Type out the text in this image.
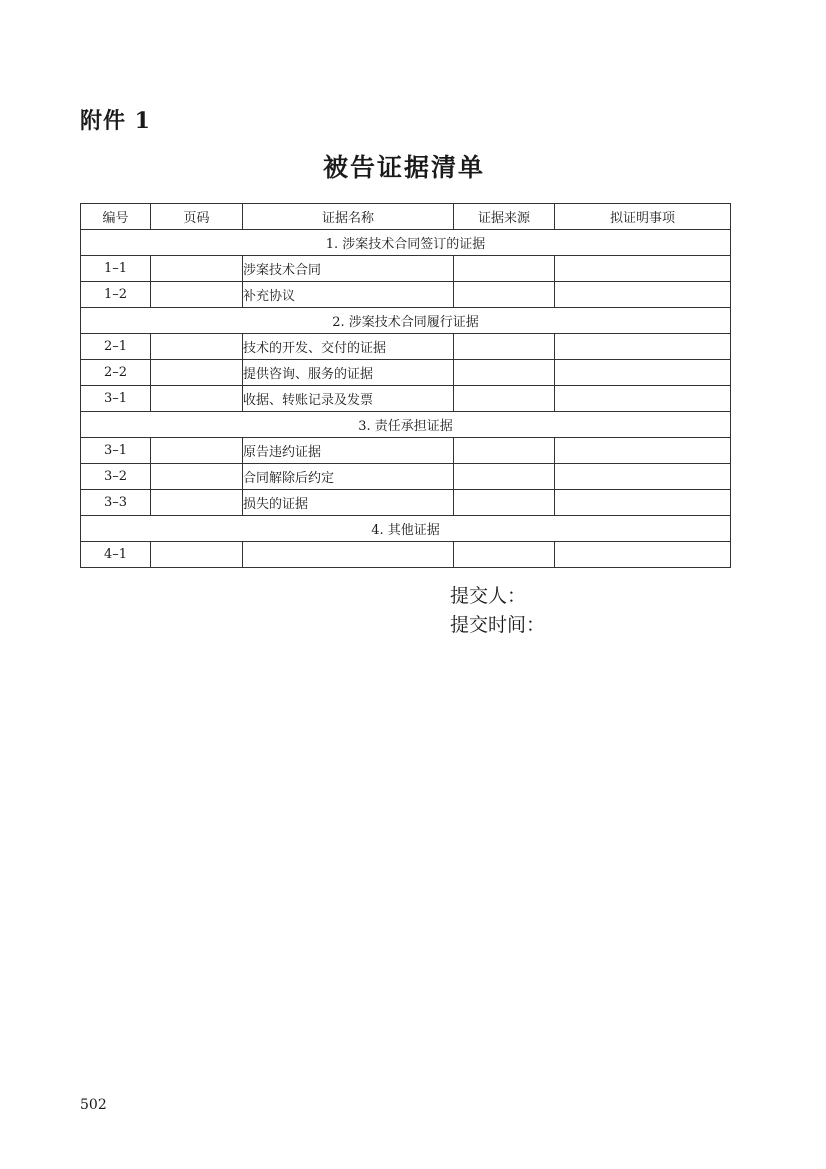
附件 1
被告证据清单
编号	页码	证据名称	证据来源	拟证明事项
1. 涉案技术合同签订的证据				
1–1		涉案技术合同		
1–2		补充协议		
2. 涉案技术合同履行证据				
2–1		技术的开发、交付的证据		
2–2		提供咨询、服务的证据		
3–1		收据、转账记录及发票		
3. 责任承担证据				
3–1		原告违约证据		
3–2		合同解除后约定		
3–3		损失的证据		
4. 其他证据				
4–1				
提交人：
提交时间：
502
